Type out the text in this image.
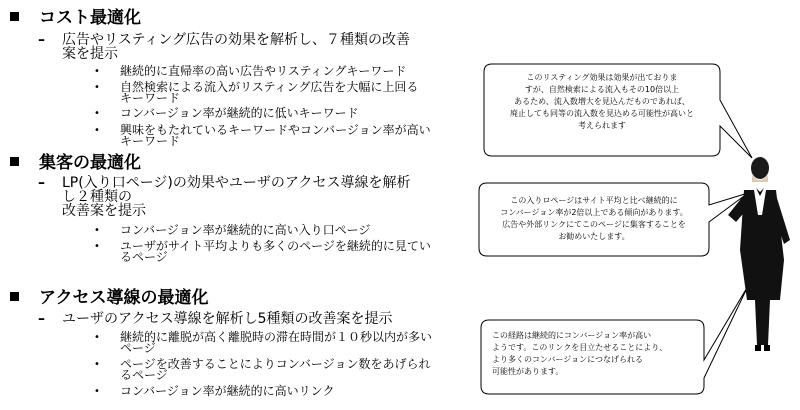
コスト最適化
– 広告やリスティング広告の効果を解析し、７種類の改善
案を提示
• 継続的に直帰率の高い広告やリスティングキーワード
• 自然検索による流入がリスティング広告を大幅に上回る
キーワード
• コンバージョン率が継続的に低いキーワード
• 興味をもたれているキーワードやコンバージョン率が高い
キーワード
集客の最適化
– LP(入り口ページ)の効果やユーザのアクセス導線を解析
し２種類の
改善案を提示
• コンバージョン率が継続的に高い入り口ページ
• ユーザがサイト平均よりも多くのページを継続的に見てい
るページ
アクセス導線の最適化
– ユーザのアクセス導線を解析し5種類の改善案を提示
• 継続的に離脱が高く離脱時の滞在時間が１０秒以内が多い
ページ
• ページを改善することによりコンバージョン数をあげられ
るページ
• コンバージョン率が継続的に高いリンク
このリスティング効果は効果が出ておりま
すが、自然検索による流入もその10倍以上
あるため、流入数増大を見込んだものであれば、
廃止しても同等の流入数を見込める可能性が高いと
考えられます
この入りロページはサイト平均と比べ継続的に
コンバージョン率が2倍以上である傾向があります。
広告や外部リンクにてこのページに集客することを
お勧めいたします。
この経路は継続的にコンバージョン率が高い
ようです。このリンクを目立たせることにより、
より多くのコンバージョンにつなげられる
可能性があります。
